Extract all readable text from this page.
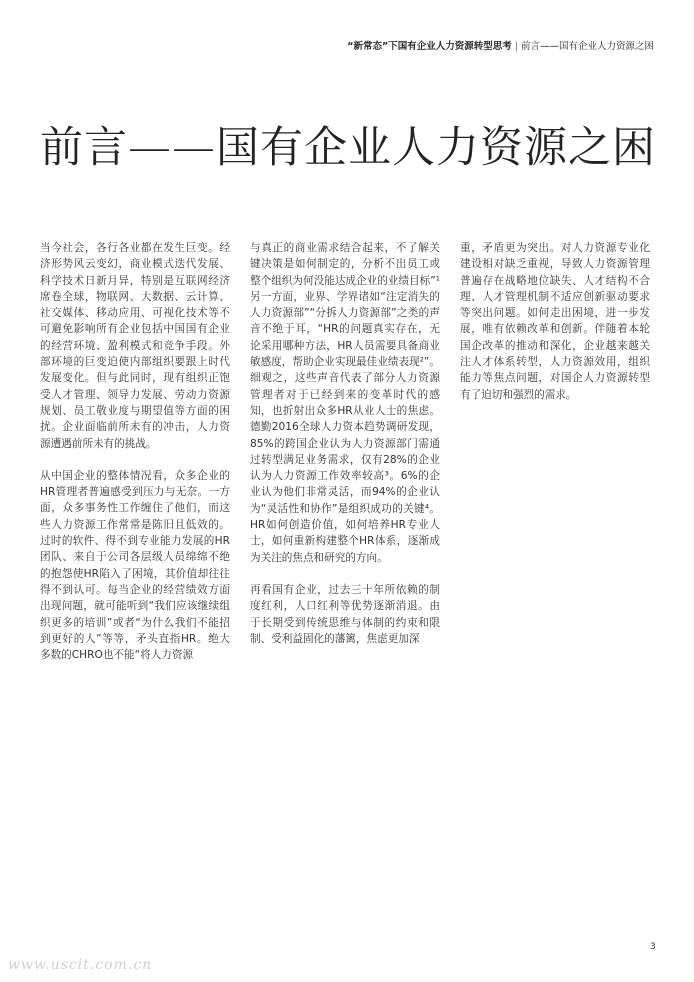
“新常态”下国有企业人力资源转型思考 | 前言——国有企业人力资源之困
前言——国有企业人力资源之困

当今社会，各行各业都在发生巨变。经济形势风云变幻，商业模式迭代发展、科学技术日新月异，特别是互联网经济席卷全球，物联网、大数据、云计算、社交媒体、移动应用、可视化技术等不可避免影响所有企业包括中国国有企业的经营环境、盈利模式和竞争手段。外部环境的巨变迫使内部组织要跟上时代发展变化。但与此同时，现有组织正饱受人才管理、领导力发展、劳动力资源规划、员工敬业度与期望值等方面的困扰。企业面临前所未有的冲击，人力资源遭遇前所未有的挑战。

从中国企业的整体情况看，众多企业的HR管理者普遍感受到压力与无奈。一方面，众多事务性工作缠住了他们，而这些人力资源工作常常是陈旧且低效的。过时的软件、得不到专业能力发展的HR团队、来自于公司各层级人员绵绵不绝的抱怨使HR陷入了困境，其价值却往往得不到认可。每当企业的经营绩效方面出现问题，就可能听到“我们应该继续组织更多的培训”或者“为什么我们不能招到更好的人”等等，矛头直指HR。绝大多数的CHRO也不能“将人力资源

与真正的商业需求结合起来，不了解关键决策是如何制定的，分析不出员工或整个组织为何没能达成企业的业绩目标”¹另一方面，业界、学界诸如“注定消失的人力资源部”“分拆人力资源部”之类的声音不绝于耳，“HR的问题真实存在，无论采用哪种方法，HR人员需要具备商业敏感度，帮助企业实现最佳业绩表现²”。细观之，这些声音代表了部分人力资源管理者对于已经到来的变革时代的感知，也折射出众多HR从业人士的焦虑。德勤2016全球人力资本趋势调研发现，85%的跨国企业认为人力资源部门需通过转型满足业务需求，仅有28%的企业认为人力资源工作效率较高³。6%的企业认为他们非常灵活，而94%的企业认为“灵活性和协作”是组织成功的关键⁴。HR如何创造价值，如何培养HR专业人士，如何重新构建整个HR体系，逐渐成为关注的焦点和研究的方向。

再看国有企业，过去三十年所依赖的制度红利，人口红利等优势逐渐消退。由于长期受到传统思维与体制的约束和限制、受利益固化的藩篱，焦虑更加深

重，矛盾更为突出。对人力资源专业化建设相对缺乏重视，导致人力资源管理普遍存在战略地位缺失、人才结构不合理、人才管理机制不适应创新驱动要求等突出问题。如何走出困境，进一步发展，唯有依赖改革和创新。伴随着本轮国企改革的推动和深化，企业越来越关注人才体系转型，人力资源效用，组织能力等焦点问题，对国企人力资源转型有了迫切和强烈的需求。

3
www.uscit.com.cn
